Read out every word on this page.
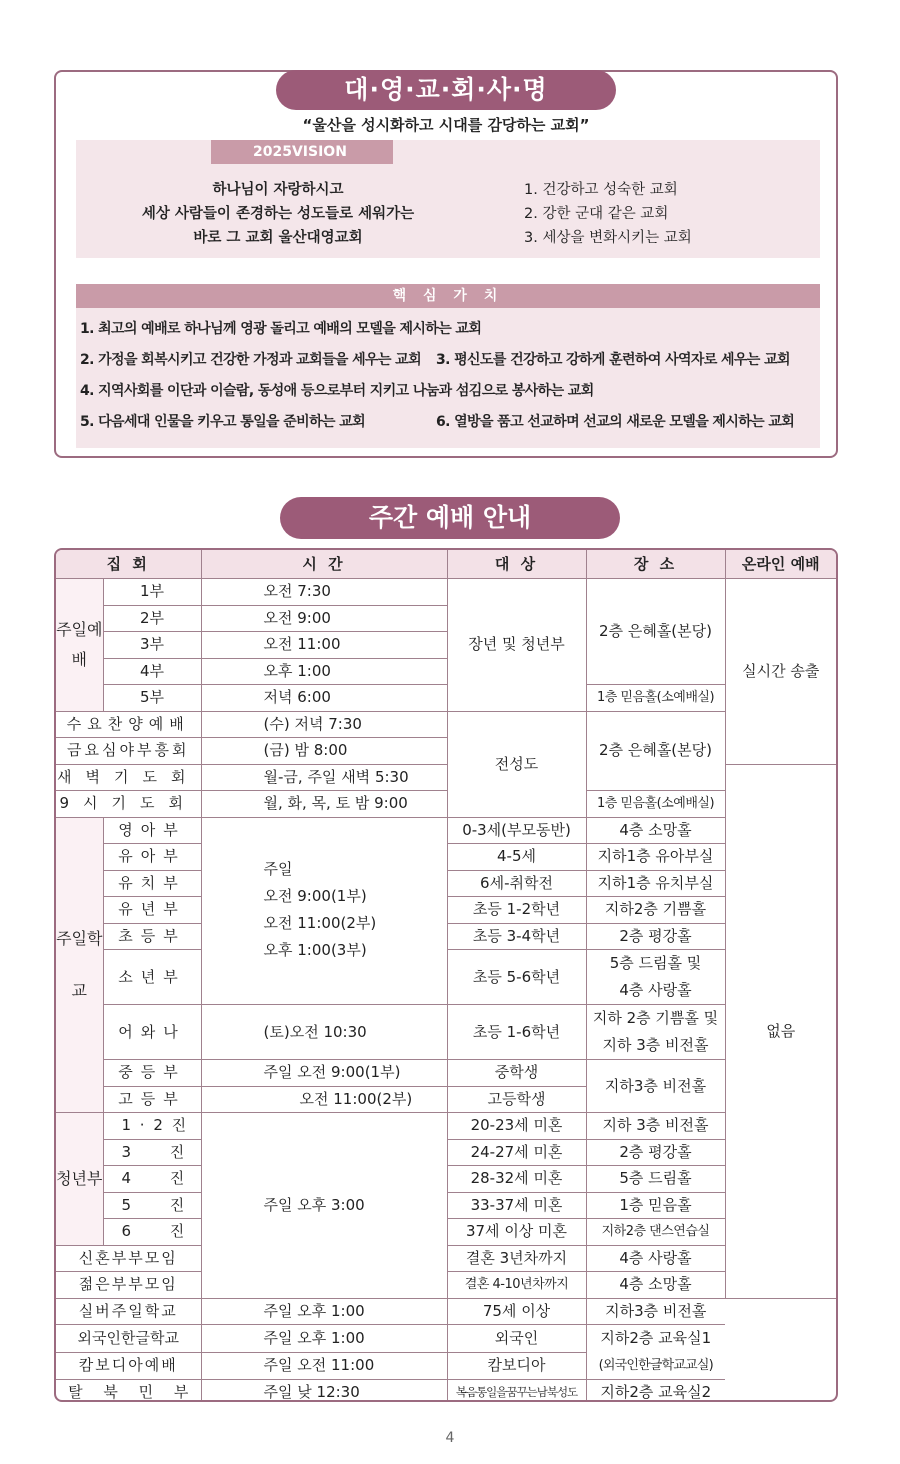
대·영·교·회·사·명
“울산을 성시화하고 시대를 감당하는 교회”
2025VISION
하나님이 자랑하시고
세상 사람들이 존경하는 성도들로 세워가는
바로 그 교회 울산대영교회
1. 건강하고 성숙한 교회
2. 강한 군대 같은 교회
3. 세상을 변화시키는 교회
핵 심 가 치
1. 최고의 예배로 하나님께 영광 돌리고 예배의 모델을 제시하는 교회
2. 가정을 회복시키고 건강한 가정과 교회들을 세우는 교회 3. 평신도를 건강하고 강하게 훈련하여 사역자로 세우는 교회
4. 지역사회를 이단과 이슬람, 동성애 등으로부터 지키고 나눔과 섬김으로 봉사하는 교회
5. 다음세대 인물을 키우고 통일을 준비하는 교회	6. 열방을 품고 선교하며 선교의 새로운 모델을 제시하는 교회
주간 예배 안내
집 회		시 간	대 상	장 소	온라인 예배
주일예배	1부	오전 7:30	장년 및 청년부	2층 은혜홀(본당)	실시간 송출
	2부	오전 9:00			
	3부	오전 11:00			
	4부	오후 1:00			
	5부	저녁 6:00		1층 믿음홀(소예배실)	
수요찬양예배		(수) 저녁 7:30	전성도	2층 은혜홀(본당)	
금요심야부흥회		(금) 밤 8:00			
새벽기도회		월-금, 주일 새벽 5:30			없음
9시기도회		월, 화, 목, 토 밤 9:00		1층 믿음홀(소예배실)	
주일학교	영아부	주일
오전 9:00(1부)
오전 11:00(2부)
오후 1:00(3부)	0-3세(부모동반)	4층 소망홀	
	유아부		4-5세	지하1층 유아부실	
	유치부		6세-취학전	지하1층 유치부실	
	유년부		초등 1-2학년	지하2층 기쁨홀	
	초등부		초등 3-4학년	2층 평강홀	
	소년부		초등 5-6학년	5층 드림홀 및
4층 사랑홀	

	어와나	(토)오전 10:30	초등 1-6학년	지하 2층 기쁨홀 및
지하 3층 비전홀	

	중등부	주일 오전 9:00(1부)	중학생	지하3층 비전홀	
	고등부	오전 11:00(2부)	고등학생		
청년부	1 · 2 진	주일 오후 3:00	20-23세 미혼	지하 3층 비전홀	
	3 진		24-27세 미혼	2층 평강홀	
	4 진		28-32세 미혼	5층 드림홀	
	5 진		33-37세 미혼	1층 믿음홀	
	6 진		37세 이상 미혼	지하2층 댄스연습실	
신혼부부모임			결혼 3년차까지	4층 사랑홀	
젊은부부모임			결혼 4-10년차까지	4층 소망홀	
실버주일학교		주일 오후 1:00	75세 이상	지하3층 비전홀	
외국인한글학교		주일 오후 1:00	외국인	지하2층 교육실1
(외국인한글학교교실)	

캄보디아예배		주일 오전 11:00	캄보디아		
탈 북 민 부		주일 낮 12:30	복음통일을꿈꾸는남북성도	지하2층 교육실2	
4
